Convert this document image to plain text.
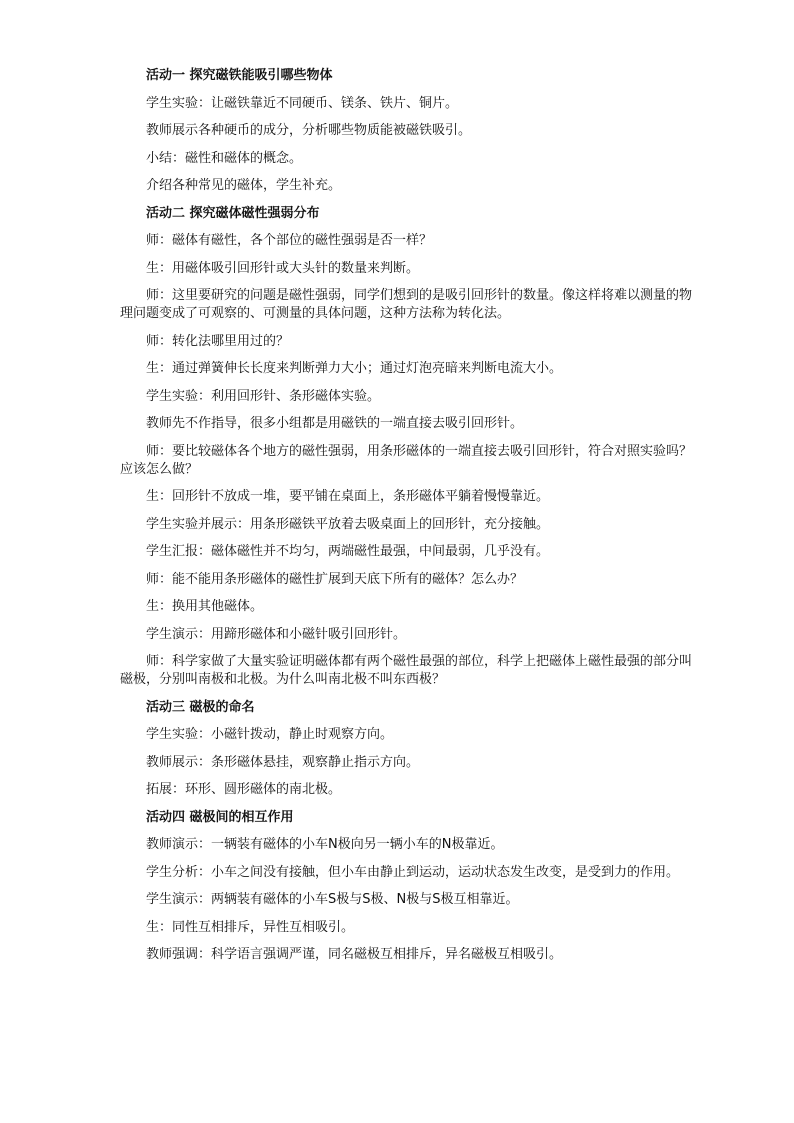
活动一 探究磁铁能吸引哪些物体
学生实验：让磁铁靠近不同硬币、镁条、铁片、铜片。
教师展示各种硬币的成分，分析哪些物质能被磁铁吸引。
小结：磁性和磁体的概念。
介绍各种常见的磁体，学生补充。
活动二 探究磁体磁性强弱分布
师：磁体有磁性，各个部位的磁性强弱是否一样？
生：用磁体吸引回形针或大头针的数量来判断。
师：这里要研究的问题是磁性强弱，同学们想到的是吸引回形针的数量。像这样将难以测量的物理问题变成了可观察的、可测量的具体问题，这种方法称为转化法。
师：转化法哪里用过的？
生：通过弹簧伸长长度来判断弹力大小；通过灯泡亮暗来判断电流大小。
学生实验：利用回形针、条形磁体实验。
教师先不作指导，很多小组都是用磁铁的一端直接去吸引回形针。
师：要比较磁体各个地方的磁性强弱，用条形磁体的一端直接去吸引回形针，符合对照实验吗？应该怎么做？
生：回形针不放成一堆，要平铺在桌面上，条形磁体平躺着慢慢靠近。
学生实验并展示：用条形磁铁平放着去吸桌面上的回形针，充分接触。
学生汇报：磁体磁性并不均匀，两端磁性最强，中间最弱，几乎没有。
师：能不能用条形磁体的磁性扩展到天底下所有的磁体？怎么办？
生：换用其他磁体。
学生演示：用蹄形磁体和小磁针吸引回形针。
师：科学家做了大量实验证明磁体都有两个磁性最强的部位，科学上把磁体上磁性最强的部分叫磁极，分别叫南极和北极。为什么叫南北极不叫东西极？
活动三 磁极的命名
学生实验：小磁针拨动，静止时观察方向。
教师展示：条形磁体悬挂，观察静止指示方向。
拓展：环形、圆形磁体的南北极。
活动四 磁极间的相互作用
教师演示：一辆装有磁体的小车N极向另一辆小车的N极靠近。
学生分析：小车之间没有接触，但小车由静止到运动，运动状态发生改变，是受到力的作用。
学生演示：两辆装有磁体的小车S极与S极、N极与S极互相靠近。
生：同性互相排斥，异性互相吸引。
教师强调：科学语言强调严谨，同名磁极互相排斥，异名磁极互相吸引。
